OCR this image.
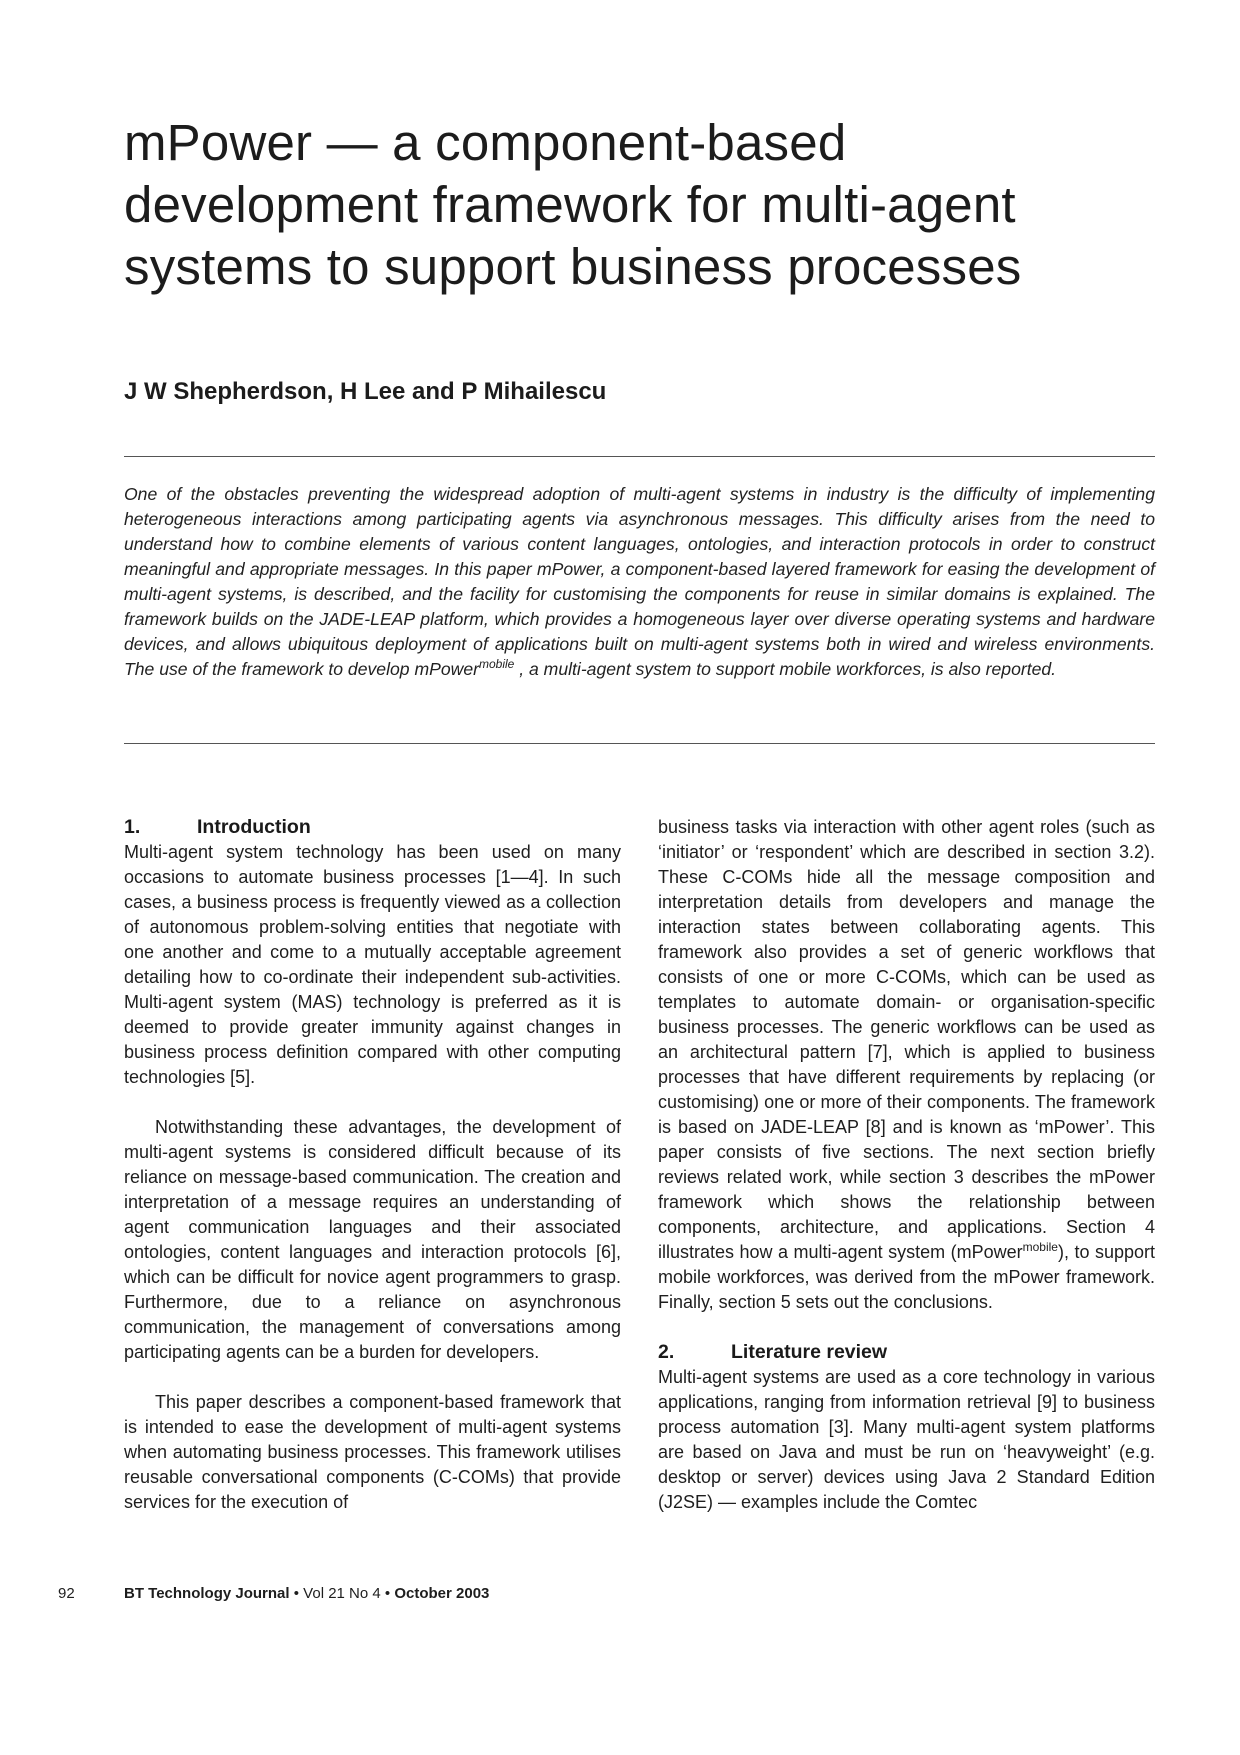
mPower — a component-based development framework for multi-agent systems to support business processes
J W Shepherdson, H Lee and P Mihailescu

One of the obstacles preventing the widespread adoption of multi-agent systems in industry is the difficulty of implementing heterogeneous interactions among participating agents via asynchronous messages. This difficulty arises from the need to understand how to combine elements of various content languages, ontologies, and interaction protocols in order to construct meaningful and appropriate messages. In this paper mPower, a component-based layered framework for easing the development of multi-agent systems, is described, and the facility for customising the components for reuse in similar domains is explained. The framework builds on the JADE-LEAP platform, which provides a homogeneous layer over diverse operating systems and hardware devices, and allows ubiquitous deployment of applications built on multi-agent systems both in wired and wireless environments. The use of the framework to develop mPower$^{mobile}$ , a multi-agent system to support mobile workforces, is also reported.

1.	Introduction

Multi-agent system technology has been used on many occasions to automate business processes [1—4]. In such cases, a business process is frequently viewed as a collection of autonomous problem-solving entities that negotiate with one another and come to a mutually acceptable agreement detailing how to co-ordinate their independent sub-activities. Multi-agent system (MAS) technology is preferred as it is deemed to provide greater immunity against changes in business process definition compared with other computing technologies [5].

Notwithstanding these advantages, the development of multi-agent systems is considered difficult because of its reliance on message-based communication. The creation and interpretation of a message requires an understanding of agent communication languages and their associated ontologies, content languages and interaction protocols [6], which can be difficult for novice agent programmers to grasp. Furthermore, due to a reliance on asynchronous communication, the management of conversations among participating agents can be a burden for developers.

This paper describes a component-based framework that is intended to ease the development of multi-agent systems when automating business processes. This framework utilises reusable conversational components (C-COMs) that provide services for the execution of

business tasks via interaction with other agent roles (such as ‘initiator’ or ‘respondent’ which are described in section 3.2). These C-COMs hide all the message composition and interpretation details from developers and manage the interaction states between collaborating agents. This framework also provides a set of generic workflows that consists of one or more C-COMs, which can be used as templates to automate domain- or organisation-specific business processes. The generic workflows can be used as an architectural pattern [7], which is applied to business processes that have different requirements by replacing (or customising) one or more of their components. The framework is based on JADE-LEAP [8] and is known as ‘mPower’. This paper consists of five sections. The next section briefly reviews related work, while section 3 describes the mPower framework which shows the relationship between components, architecture, and applications. Section 4 illustrates how a multi-agent system (mPower$^{mobile}$), to support mobile workforces, was derived from the mPower framework. Finally, section 5 sets out the conclusions.

2.	Literature review

Multi-agent systems are used as a core technology in various applications, ranging from information retrieval [9] to business process automation [3]. Many multi-agent system platforms are based on Java and must be run on ‘heavyweight’ (e.g. desktop or server) devices using Java 2 Standard Edition (J2SE) — examples include the Comtec

92	BT Technology Journal • Vol 21 No 4 • October 2003
